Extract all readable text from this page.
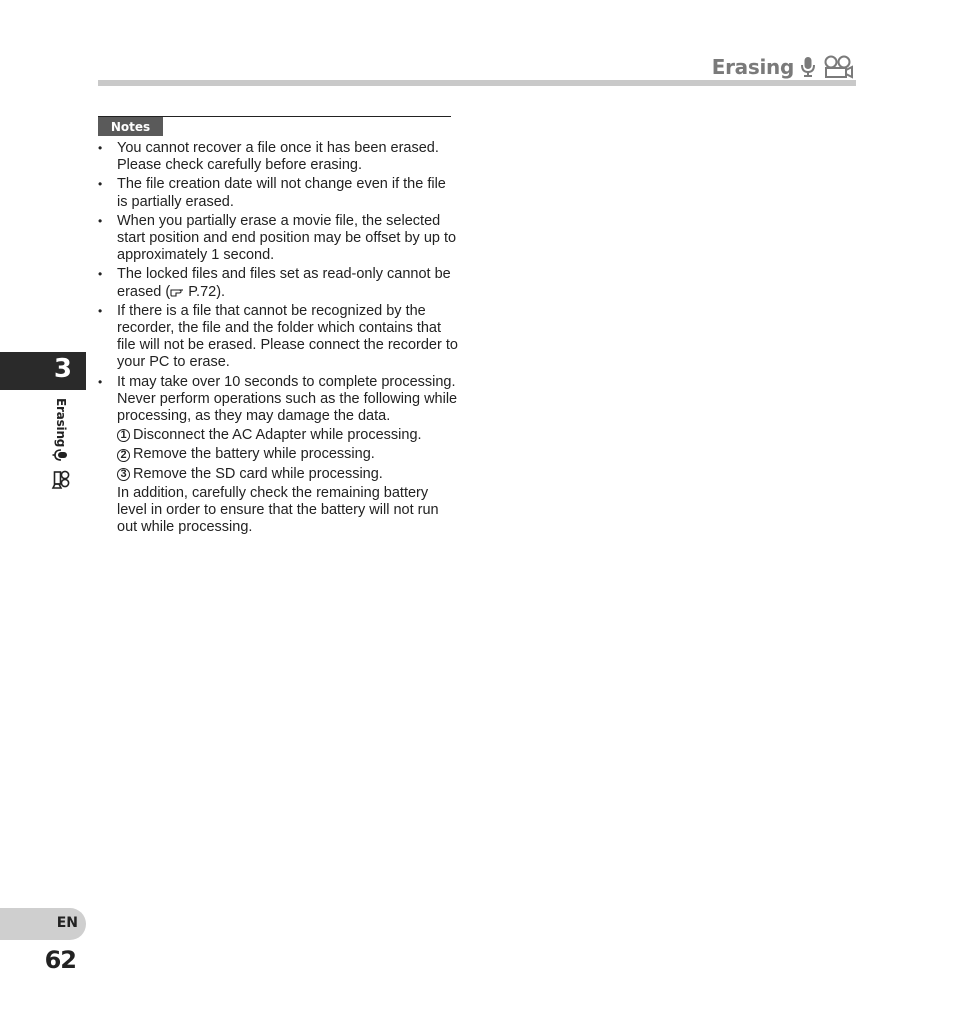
Erasing
3
Erasing
Notes
• You cannot recover a file once it has been erased. Please check carefully before erasing.
• The file creation date will not change even if the file is partially erased.
• When you partially erase a movie file, the selected start position and end position may be offset by up to approximately 1 second.
• The locked files and files set as read-only cannot be erased ( P.72).
• If there is a file that cannot be recognized by the recorder, the file and the folder which contains that file will not be erased. Please connect the recorder to your PC to erase.
• It may take over 10 seconds to complete processing. Never perform operations such as the following while processing, as they may damage the data.
1 Disconnect the AC Adapter while processing.
2 Remove the battery while processing.
3 Remove the SD card while processing.
In addition, carefully check the remaining battery level in order to ensure that the battery will not run out while processing.
EN
62
